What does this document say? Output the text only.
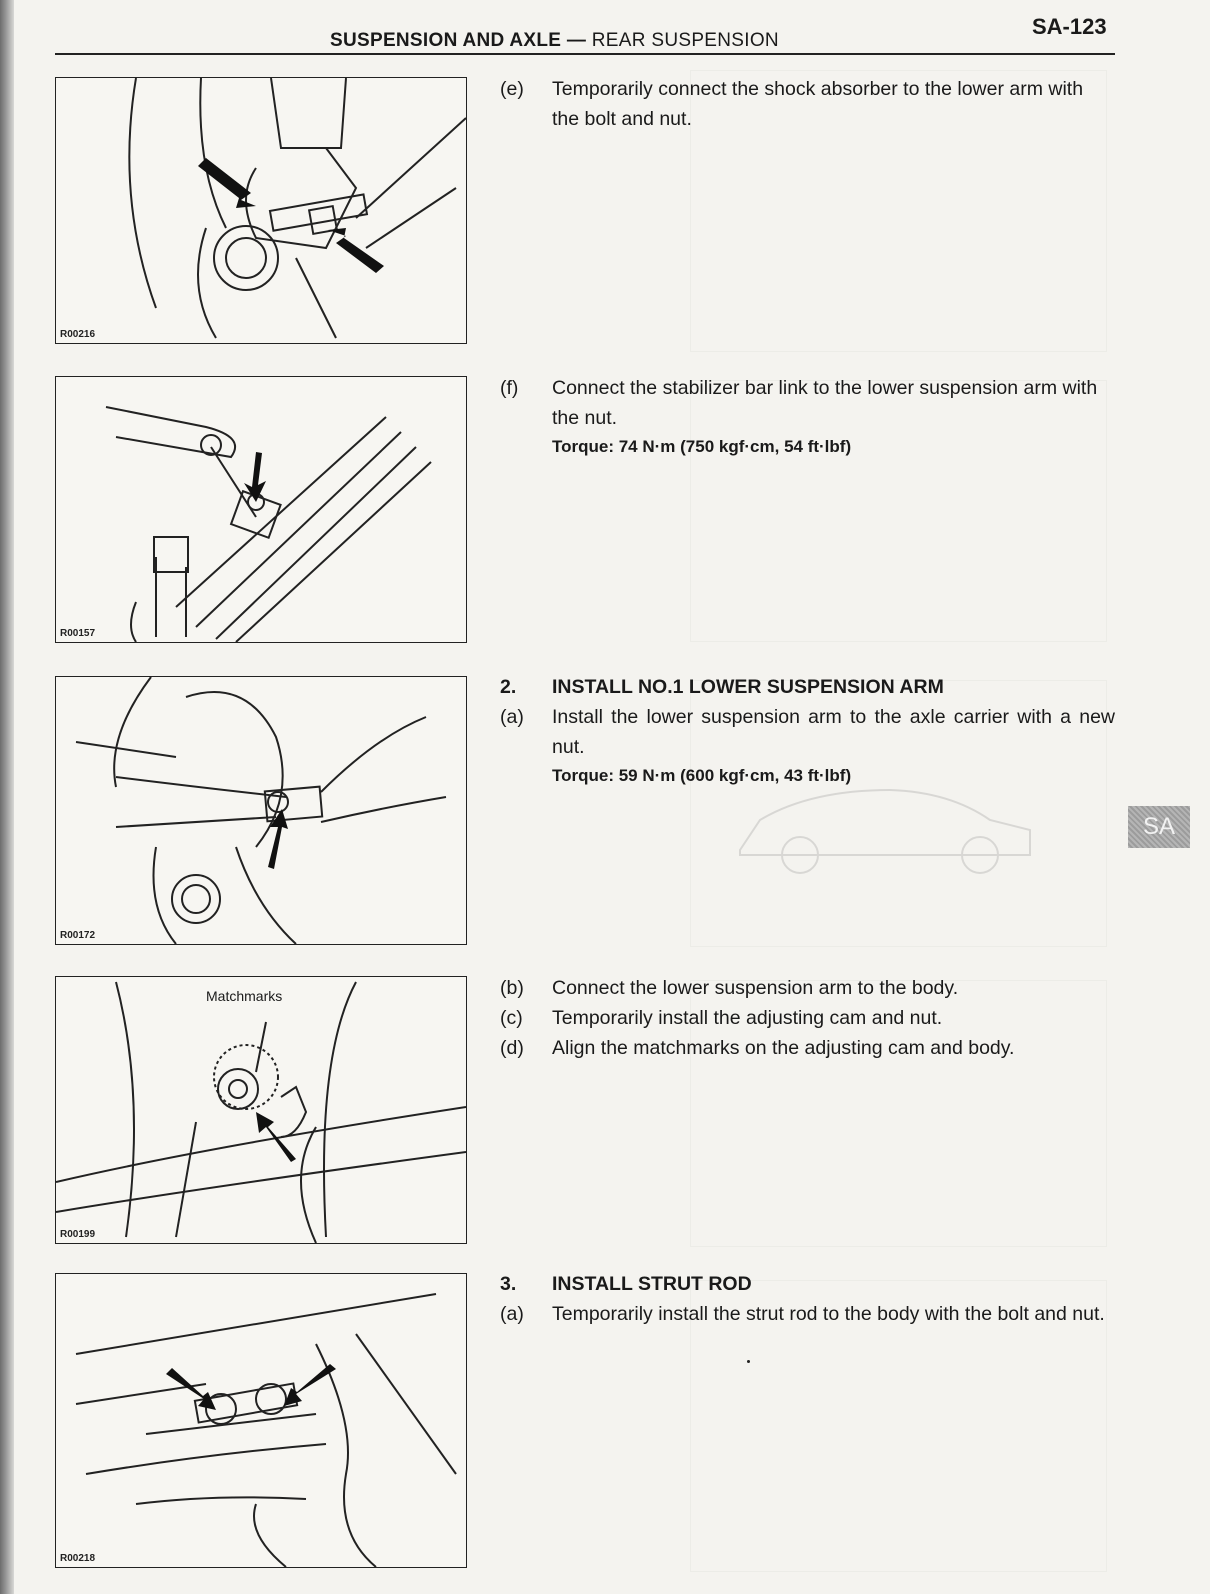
SUSPENSION AND AXLE — REAR SUSPENSION
SA-123
SA
R00216
R00157
R00172
Matchmarks
R00199
R00218
(e) Temporarily connect the shock absorber to the lower arm with the bolt and nut.
(f) Connect the stabilizer bar link to the lower suspension arm with the nut.
Torque: 74 N·m (750 kgf·cm, 54 ft·lbf)
2. INSTALL NO.1 LOWER SUSPENSION ARM
(a) Install the lower suspension arm to the axle carrier with a new nut.
Torque: 59 N·m (600 kgf·cm, 43 ft·lbf)
(b) Connect the lower suspension arm to the body.
(c) Temporarily install the adjusting cam and nut.
(d) Align the matchmarks on the adjusting cam and body.
3. INSTALL STRUT ROD
(a) Temporarily install the strut rod to the body with the bolt and nut.
